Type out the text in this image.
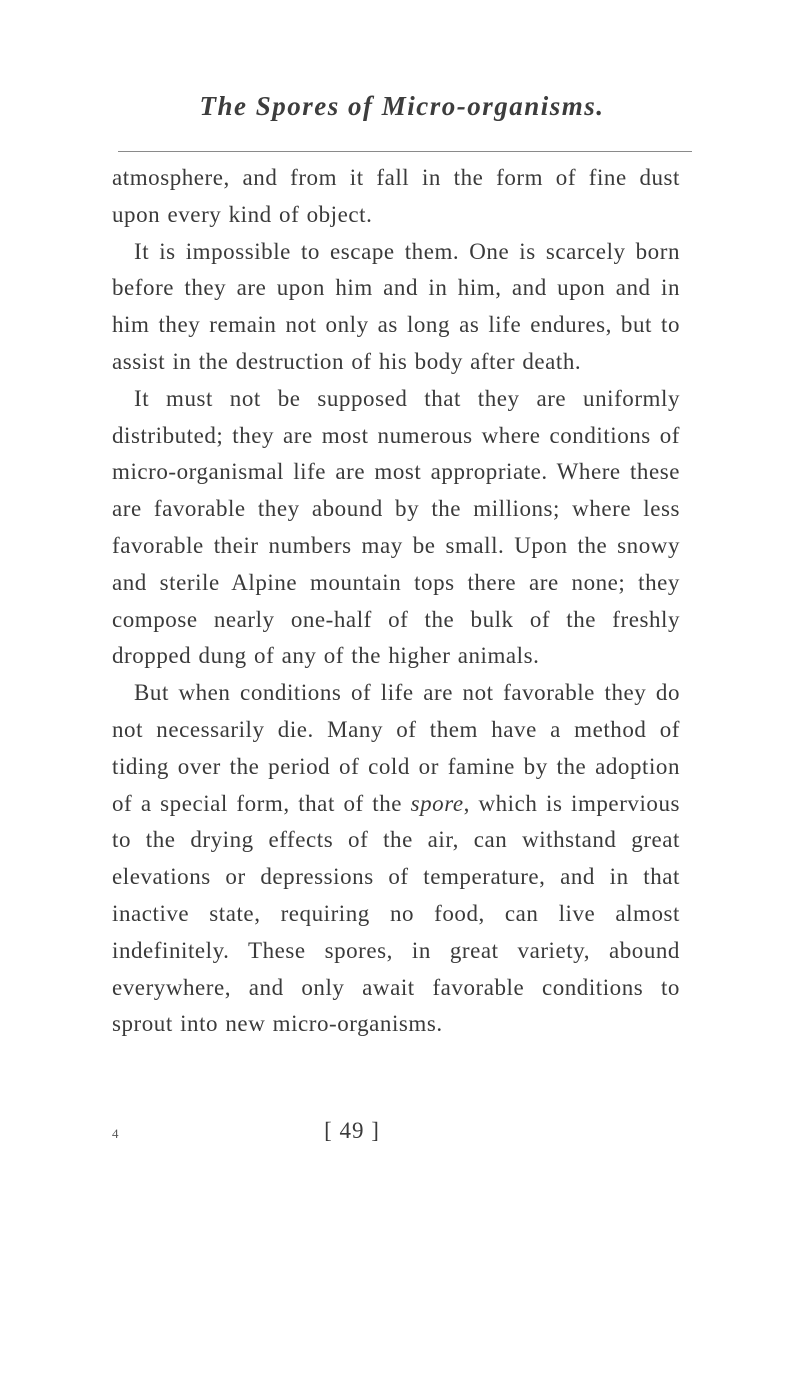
The Spores of Micro-organisms.

atmosphere, and from it fall in the form of fine dust upon every kind of object.

It is impossible to escape them. One is scarcely born before they are upon him and in him, and upon and in him they remain not only as long as life endures, but to assist in the destruction of his body after death.

It must not be supposed that they are uniformly distributed; they are most numerous where conditions of micro-organismal life are most appropriate. Where these are favorable they abound by the millions; where less favorable their numbers may be small. Upon the snowy and sterile Alpine mountain tops there are none; they compose nearly one-half of the bulk of the freshly dropped dung of any of the higher animals.

But when conditions of life are not favorable they do not necessarily die. Many of them have a method of tiding over the period of cold or famine by the adoption of a special form, that of the spore, which is impervious to the drying effects of the air, can withstand great elevations or depressions of temperature, and in that inactive state, requiring no food, can live almost indefinitely. These spores, in great variety, abound everywhere, and only await favorable conditions to sprout into new micro-organisms.

4	[ 49 ]
